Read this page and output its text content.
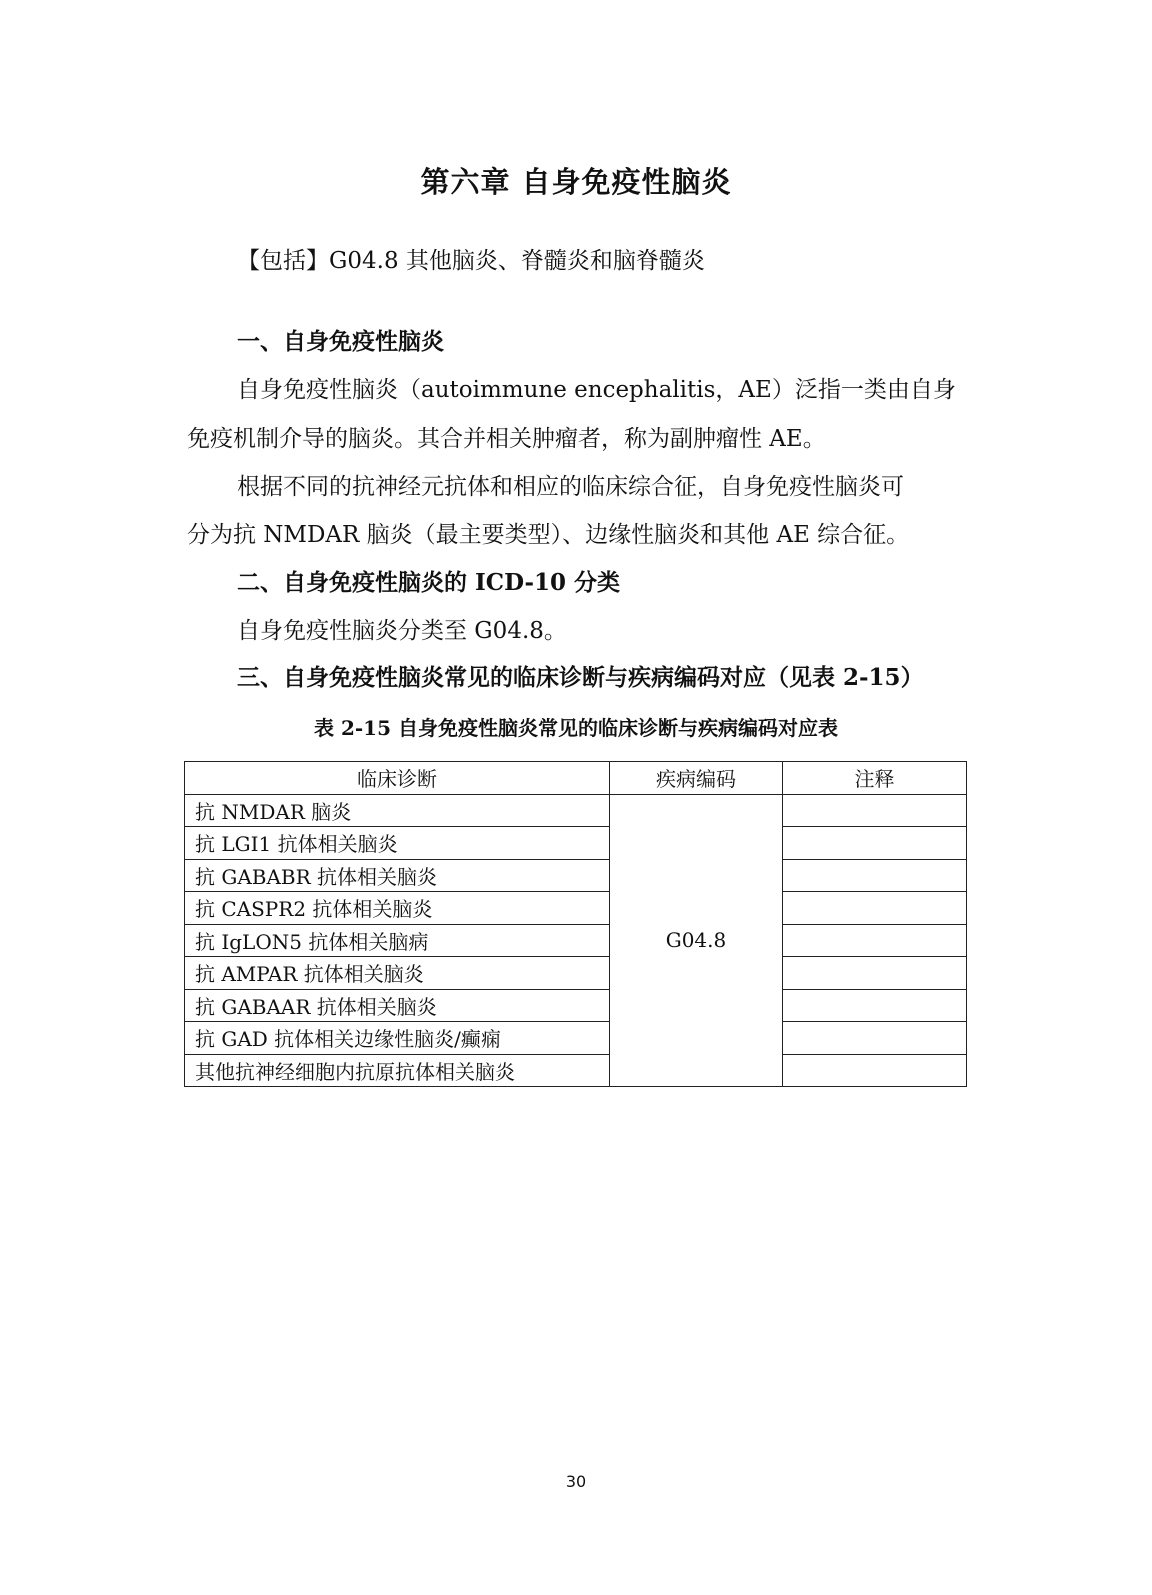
第六章 自身免疫性脑炎
【包括】G04.8 其他脑炎、脊髓炎和脑脊髓炎
一、自身免疫性脑炎
自身免疫性脑炎（autoimmune encephalitis，AE）泛指一类由自身
免疫机制介导的脑炎。其合并相关肿瘤者，称为副肿瘤性 AE。
根据不同的抗神经元抗体和相应的临床综合征，自身免疫性脑炎可
分为抗 NMDAR 脑炎（最主要类型）、边缘性脑炎和其他 AE 综合征。
二、自身免疫性脑炎的 ICD-10 分类
自身免疫性脑炎分类至 G04.8。
三、自身免疫性脑炎常见的临床诊断与疾病编码对应（见表 2-15）
表 2-15 自身免疫性脑炎常见的临床诊断与疾病编码对应表
临床诊断	疾病编码	注释
抗 NMDAR 脑炎	G04.8	
抗 LGI1 抗体相关脑炎		
抗 GABABR 抗体相关脑炎		
抗 CASPR2 抗体相关脑炎		
抗 IgLON5 抗体相关脑病		
抗 AMPAR 抗体相关脑炎		
抗 GABAAR 抗体相关脑炎		
抗 GAD 抗体相关边缘性脑炎/癫痫		
其他抗神经细胞内抗原抗体相关脑炎		
30
